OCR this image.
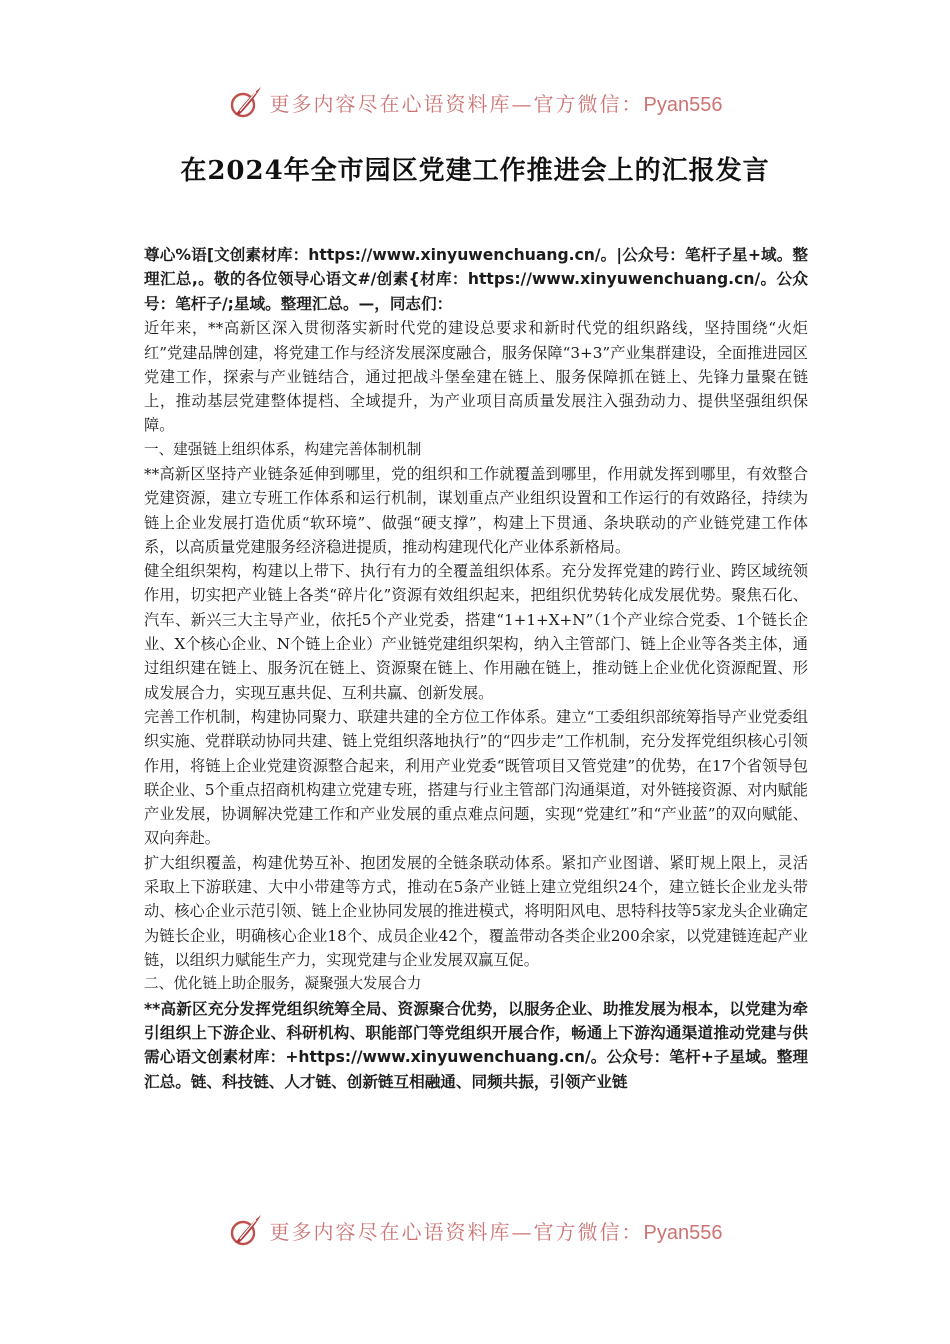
更多内容尽在心语资料库—官方微信：Pyan556
在2024年全市园区党建工作推进会上的汇报发言

尊心%语[文创素材库：https://www.xinyuwenchuang.cn/。|公众号：笔杆子星+域。整理汇总,。敬的各位领导心语文#/创素{材库：https://www.xinyuwenchuang.cn/。公众号：笔杆子/;星域。整理汇总。—，同志们：

近年来，**高新区深入贯彻落实新时代党的建设总要求和新时代党的组织路线，坚持围绕“火炬红”党建品牌创建，将党建工作与经济发展深度融合，服务保障“3+3”产业集群建设，全面推进园区党建工作，探索与产业链结合，通过把战斗堡垒建在链上、服务保障抓在链上、先锋力量聚在链上，推动基层党建整体提档、全域提升，为产业项目高质量发展注入强劲动力、提供坚强组织保障。

一、建强链上组织体系，构建完善体制机制

**高新区坚持产业链条延伸到哪里，党的组织和工作就覆盖到哪里，作用就发挥到哪里，有效整合党建资源，建立专班工作体系和运行机制，谋划重点产业组织设置和工作运行的有效路径，持续为链上企业发展打造优质“软环境”、做强“硬支撑”，构建上下贯通、条块联动的产业链党建工作体系，以高质量党建服务经济稳进提质，推动构建现代化产业体系新格局。

健全组织架构，构建以上带下、执行有力的全覆盖组织体系。充分发挥党建的跨行业、跨区域统领作用，切实把产业链上各类“碎片化”资源有效组织起来，把组织优势转化成发展优势。聚焦石化、汽车、新兴三大主导产业，依托5个产业党委，搭建“1+1+X+N”（1个产业综合党委、1个链长企业、X个核心企业、N个链上企业）产业链党建组织架构，纳入主管部门、链上企业等各类主体，通过组织建在链上、服务沉在链上、资源聚在链上、作用融在链上，推动链上企业优化资源配置、形成发展合力，实现互惠共促、互利共赢、创新发展。

完善工作机制，构建协同聚力、联建共建的全方位工作体系。建立“工委组织部统筹指导产业党委组织实施、党群联动协同共建、链上党组织落地执行”的“四步走”工作机制，充分发挥党组织核心引领作用，将链上企业党建资源整合起来，利用产业党委“既管项目又管党建”的优势，在17个省领导包联企业、5个重点招商机构建立党建专班，搭建与行业主管部门沟通渠道，对外链接资源、对内赋能产业发展，协调解决党建工作和产业发展的重点难点问题，实现“党建红”和“产业蓝”的双向赋能、双向奔赴。

扩大组织覆盖，构建优势互补、抱团发展的全链条联动体系。紧扣产业图谱、紧盯规上限上，灵活采取上下游联建、大中小带建等方式，推动在5条产业链上建立党组织24个，建立链长企业龙头带动、核心企业示范引领、链上企业协同发展的推进模式，将明阳风电、思特科技等5家龙头企业确定为链长企业，明确核心企业18个、成员企业42个，覆盖带动各类企业200余家，以党建链连起产业链，以组织力赋能生产力，实现党建与企业发展双赢互促。

二、优化链上助企服务，凝聚强大发展合力

**高新区充分发挥党组织统筹全局、资源聚合优势，以服务企业、助推发展为根本，以党建为牵引组织上下游企业、科研机构、职能部门等党组织开展合作，畅通上下游沟通渠道推动党建与供需心语文创素材库：+https://www.xinyuwenchuang.cn/。公众号：笔杆+子星域。整理汇总。链、科技链、人才链、创新链互相融通、同频共振，引领产业链

更多内容尽在心语资料库—官方微信：Pyan556
